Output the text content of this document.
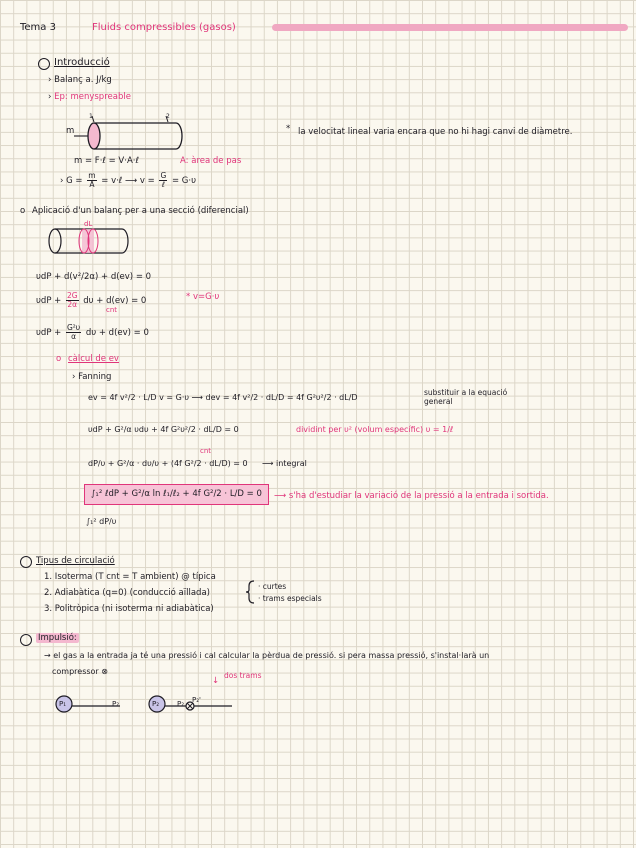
Tema 3	Fluids compressibles (gasos)
Introducció
› Balanç a. J/kg
› Ep: menyspreable
m
1	2
* la velocitat lineal varia encara que no hi hagi canvi de diàmetre.
m = F·ℓ = V·A·ℓ	A: àrea de pas
› $G = \frac{m}{A}$ = v·ℓ ⟶ $v = \frac{G}{\text{ℓ}} = G\cdot\upsilon$
o Aplicació d'un balanç per a una secció (diferencial)
dL
υdP + d(v²/2α) + d(ev) = 0
$\upsilon dP + \frac{2G}{2\alpha}$ dυ + d(ev) = 0	* v=G·υ
cnt
$\upsilon dP + \frac{\text{G²υ}}{\alpha}$ dυ + d(ev) = 0
o càlcul de ev
› Fanning
ev = 4f v²/2 · L/D v = G·υ ⟶ dev = 4f v²/2 · dL/D = 4f G²υ²/2 · dL/D
substituir a la equació general
υdP + G²/α υdυ + 4f G²υ²/2 · dL/D = 0	dividint per υ² (volum específic) υ = 1/ℓ
cnt
dP/υ + G²/α · dυ/υ + (4f G²/2 · dL/D) = 0 ⟶ integral
∫₁² ℓdP + G²/α ln ℓ₁/ℓ₂ + 4f G²/2 · L/D = 0	⟶ s'ha d'estudiar la variació de la pressió a la entrada i sortida.
∫₁² dP/υ
Tipus de circulació
1. Isoterma (T cnt = T ambient) @ típica
2. Adiabàtica (q=0) (conducció aïllada)
3. Politròpica (ni isoterma ni adiabàtica)
· curtes
· trams especials
Impulsió:
→ el gas a la entrada ja té una pressió i cal calcular la pèrdua de pressió. si pera massa pressió, s'instal·larà un
compressor ⊗
↓
dos trams
P₁	P₂	P₂	P₂ P₂'
